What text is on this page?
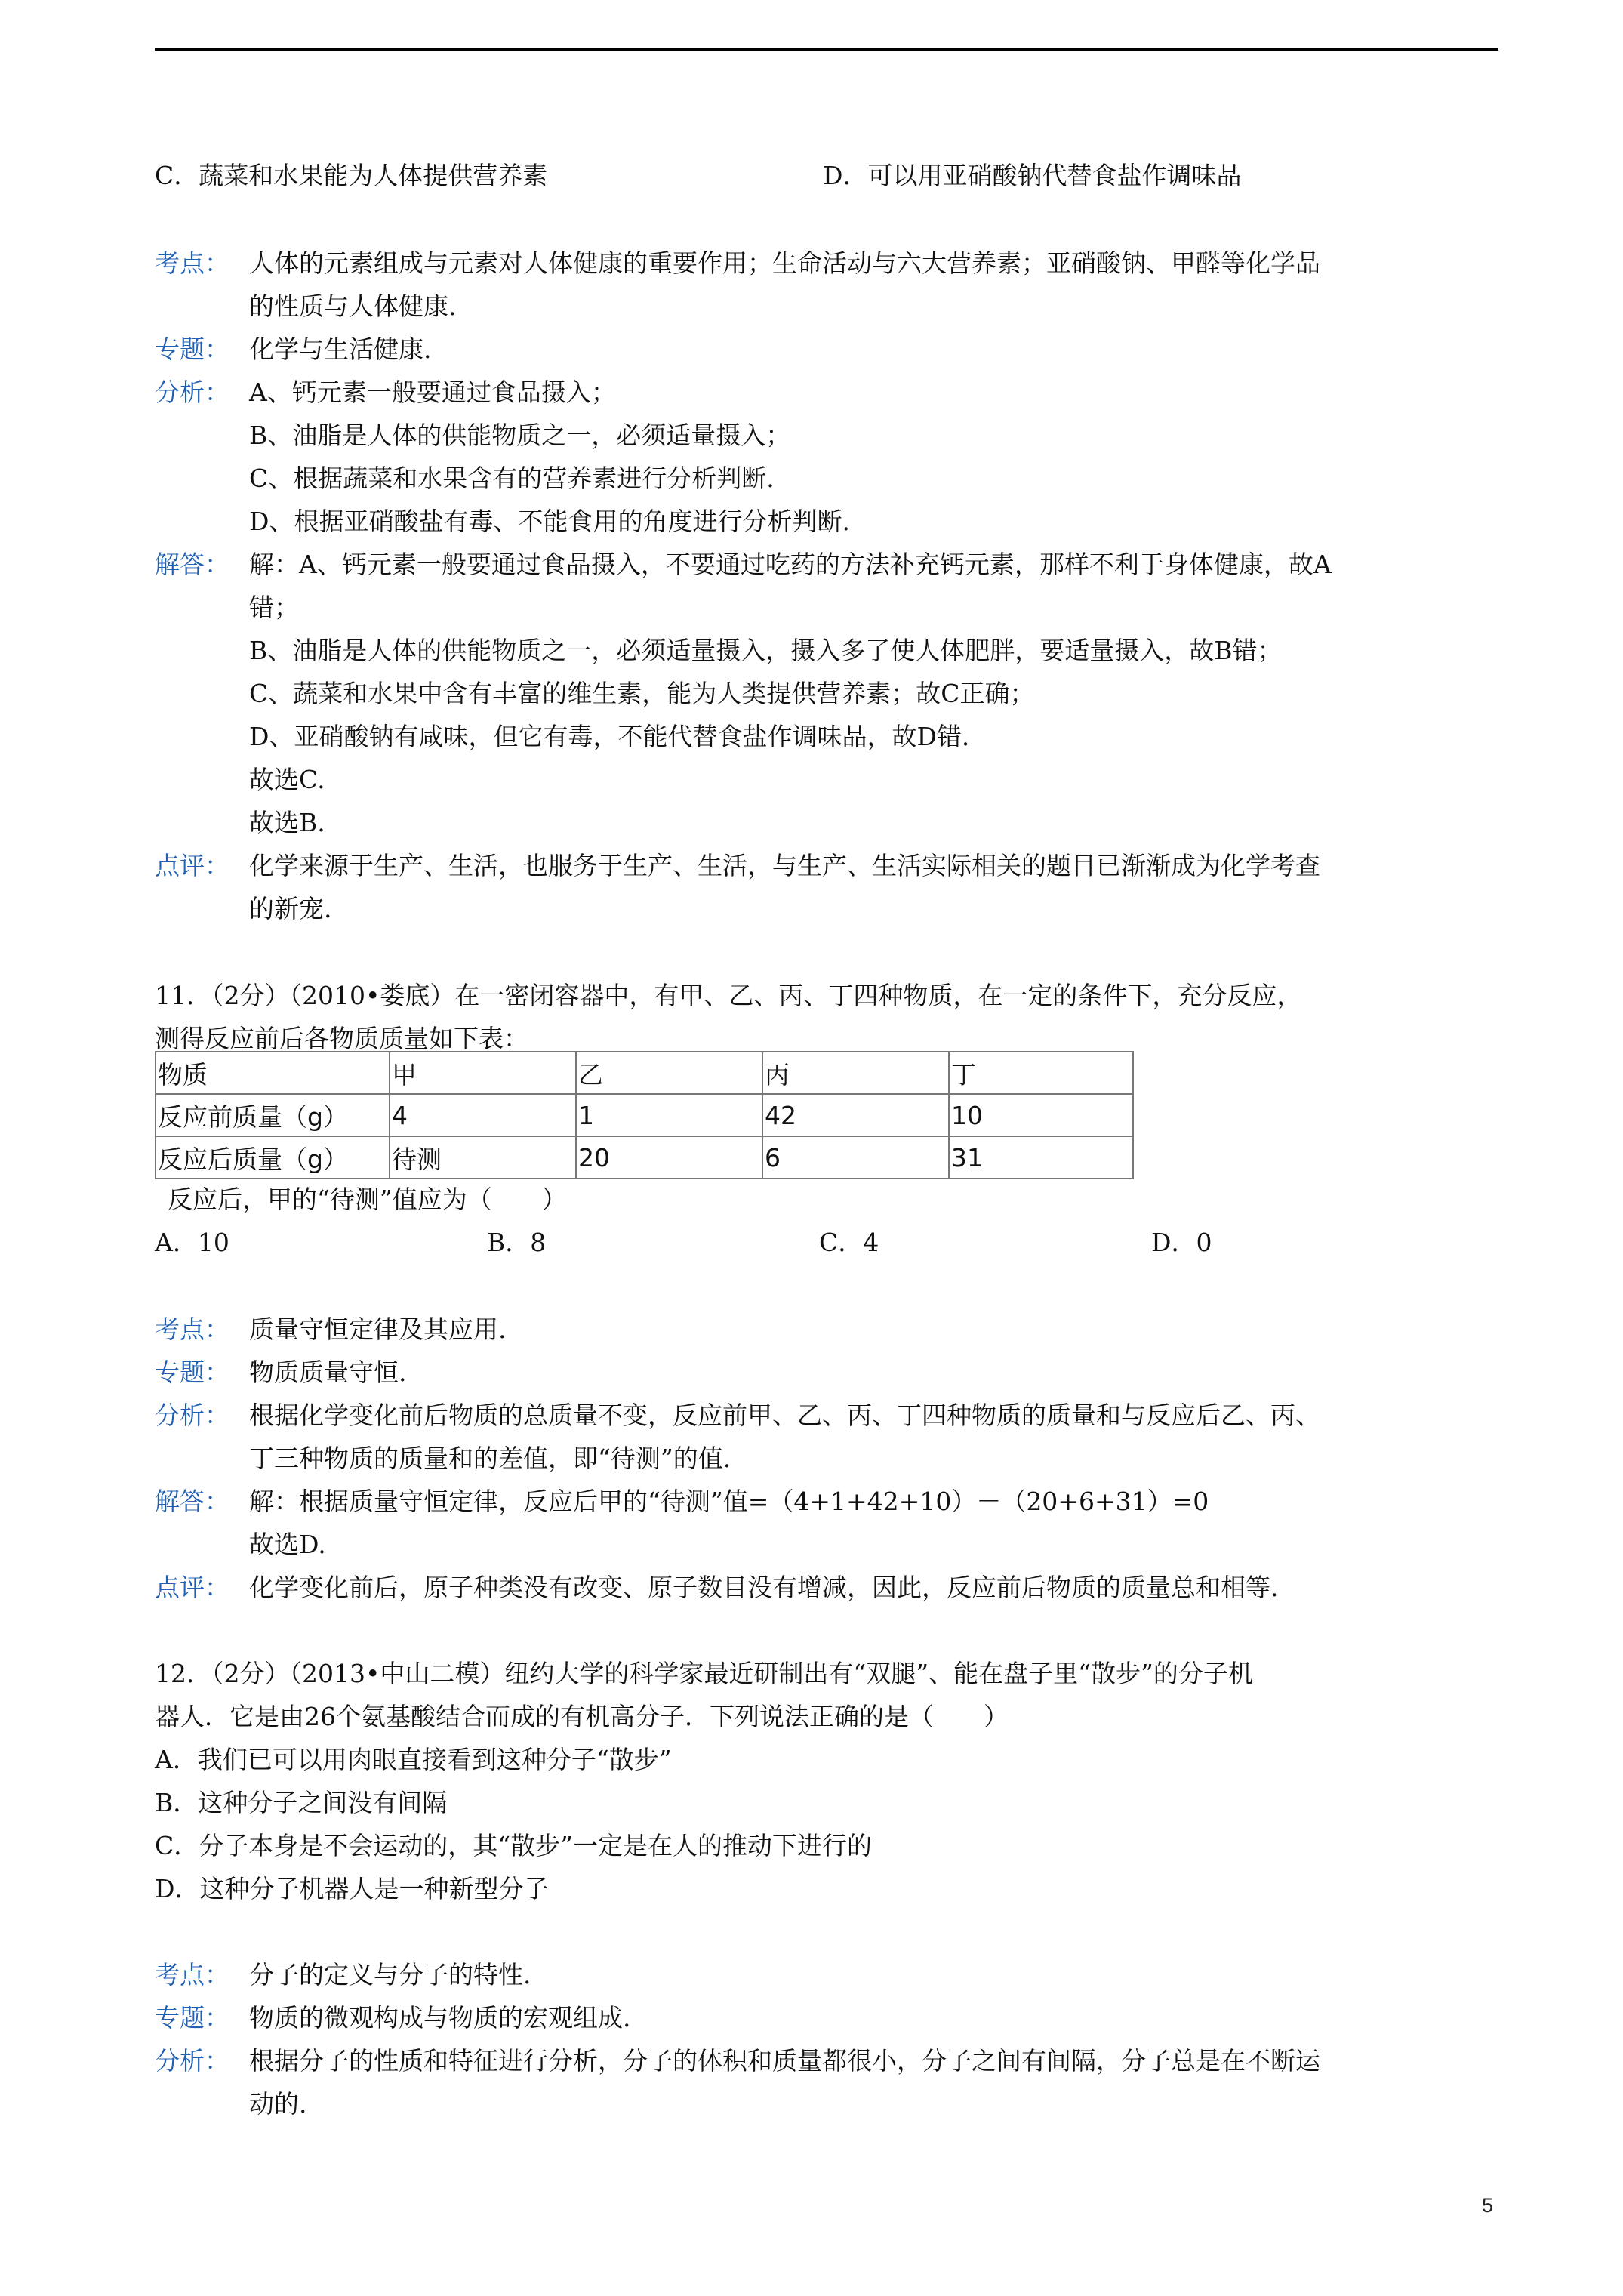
C．蔬菜和水果能为人体提供营养素	D．可以用亚硝酸钠代替食盐作调味品
考点： 人体的元素组成与元素对人体健康的重要作用；生命活动与六大营养素；亚硝酸钠、甲醛等化学品
的性质与人体健康.
专题： 化学与生活健康.
分析： A、钙元素一般要通过食品摄入；
B、油脂是人体的供能物质之一，必须适量摄入；
C、根据蔬菜和水果含有的营养素进行分析判断.
D、根据亚硝酸盐有毒、不能食用的角度进行分析判断.
解答： 解：A、钙元素一般要通过食品摄入，不要通过吃药的方法补充钙元素，那样不利于身体健康，故A
错；
B、油脂是人体的供能物质之一，必须适量摄入，摄入多了使人体肥胖，要适量摄入，故B错；
C、蔬菜和水果中含有丰富的维生素，能为人类提供营养素；故C正确；
D、亚硝酸钠有咸味，但它有毒，不能代替食盐作调味品，故D错.
故选C.
故选B.
点评： 化学来源于生产、生活，也服务于生产、生活，与生产、生活实际相关的题目已渐渐成为化学考查
的新宠.
11．（2分）（2010•娄底）在一密闭容器中，有甲、乙、丙、丁四种物质，在一定的条件下，充分反应，
测得反应前后各物质质量如下表：
物质	甲	乙	丙	丁
反应前质量（g）	4	1	42	10
反应后质量（g）	待测	20	6	31
反应后，甲的“待测”值应为（　　）
A．10	B．8	C．4	D．0
考点： 质量守恒定律及其应用.
专题： 物质质量守恒.
分析： 根据化学变化前后物质的总质量不变，反应前甲、乙、丙、丁四种物质的质量和与反应后乙、丙、
丁三种物质的质量和的差值，即“待测”的值.
解答： 解：根据质量守恒定律，反应后甲的“待测”值=（4+1+42+10）－（20+6+31）=0
故选D.
点评： 化学变化前后，原子种类没有改变、原子数目没有增减，因此，反应前后物质的质量总和相等.
12．（2分）（2013•中山二模）纽约大学的科学家最近研制出有“双腿”、能在盘子里“散步”的分子机
器人．它是由26个氨基酸结合而成的有机高分子．下列说法正确的是（　　）
A．我们已可以用肉眼直接看到这种分子“散步”
B．这种分子之间没有间隔
C．分子本身是不会运动的，其“散步”一定是在人的推动下进行的
D．这种分子机器人是一种新型分子
考点： 分子的定义与分子的特性.
专题： 物质的微观构成与物质的宏观组成.
分析： 根据分子的性质和特征进行分析，分子的体积和质量都很小，分子之间有间隔，分子总是在不断运
动的.
5
